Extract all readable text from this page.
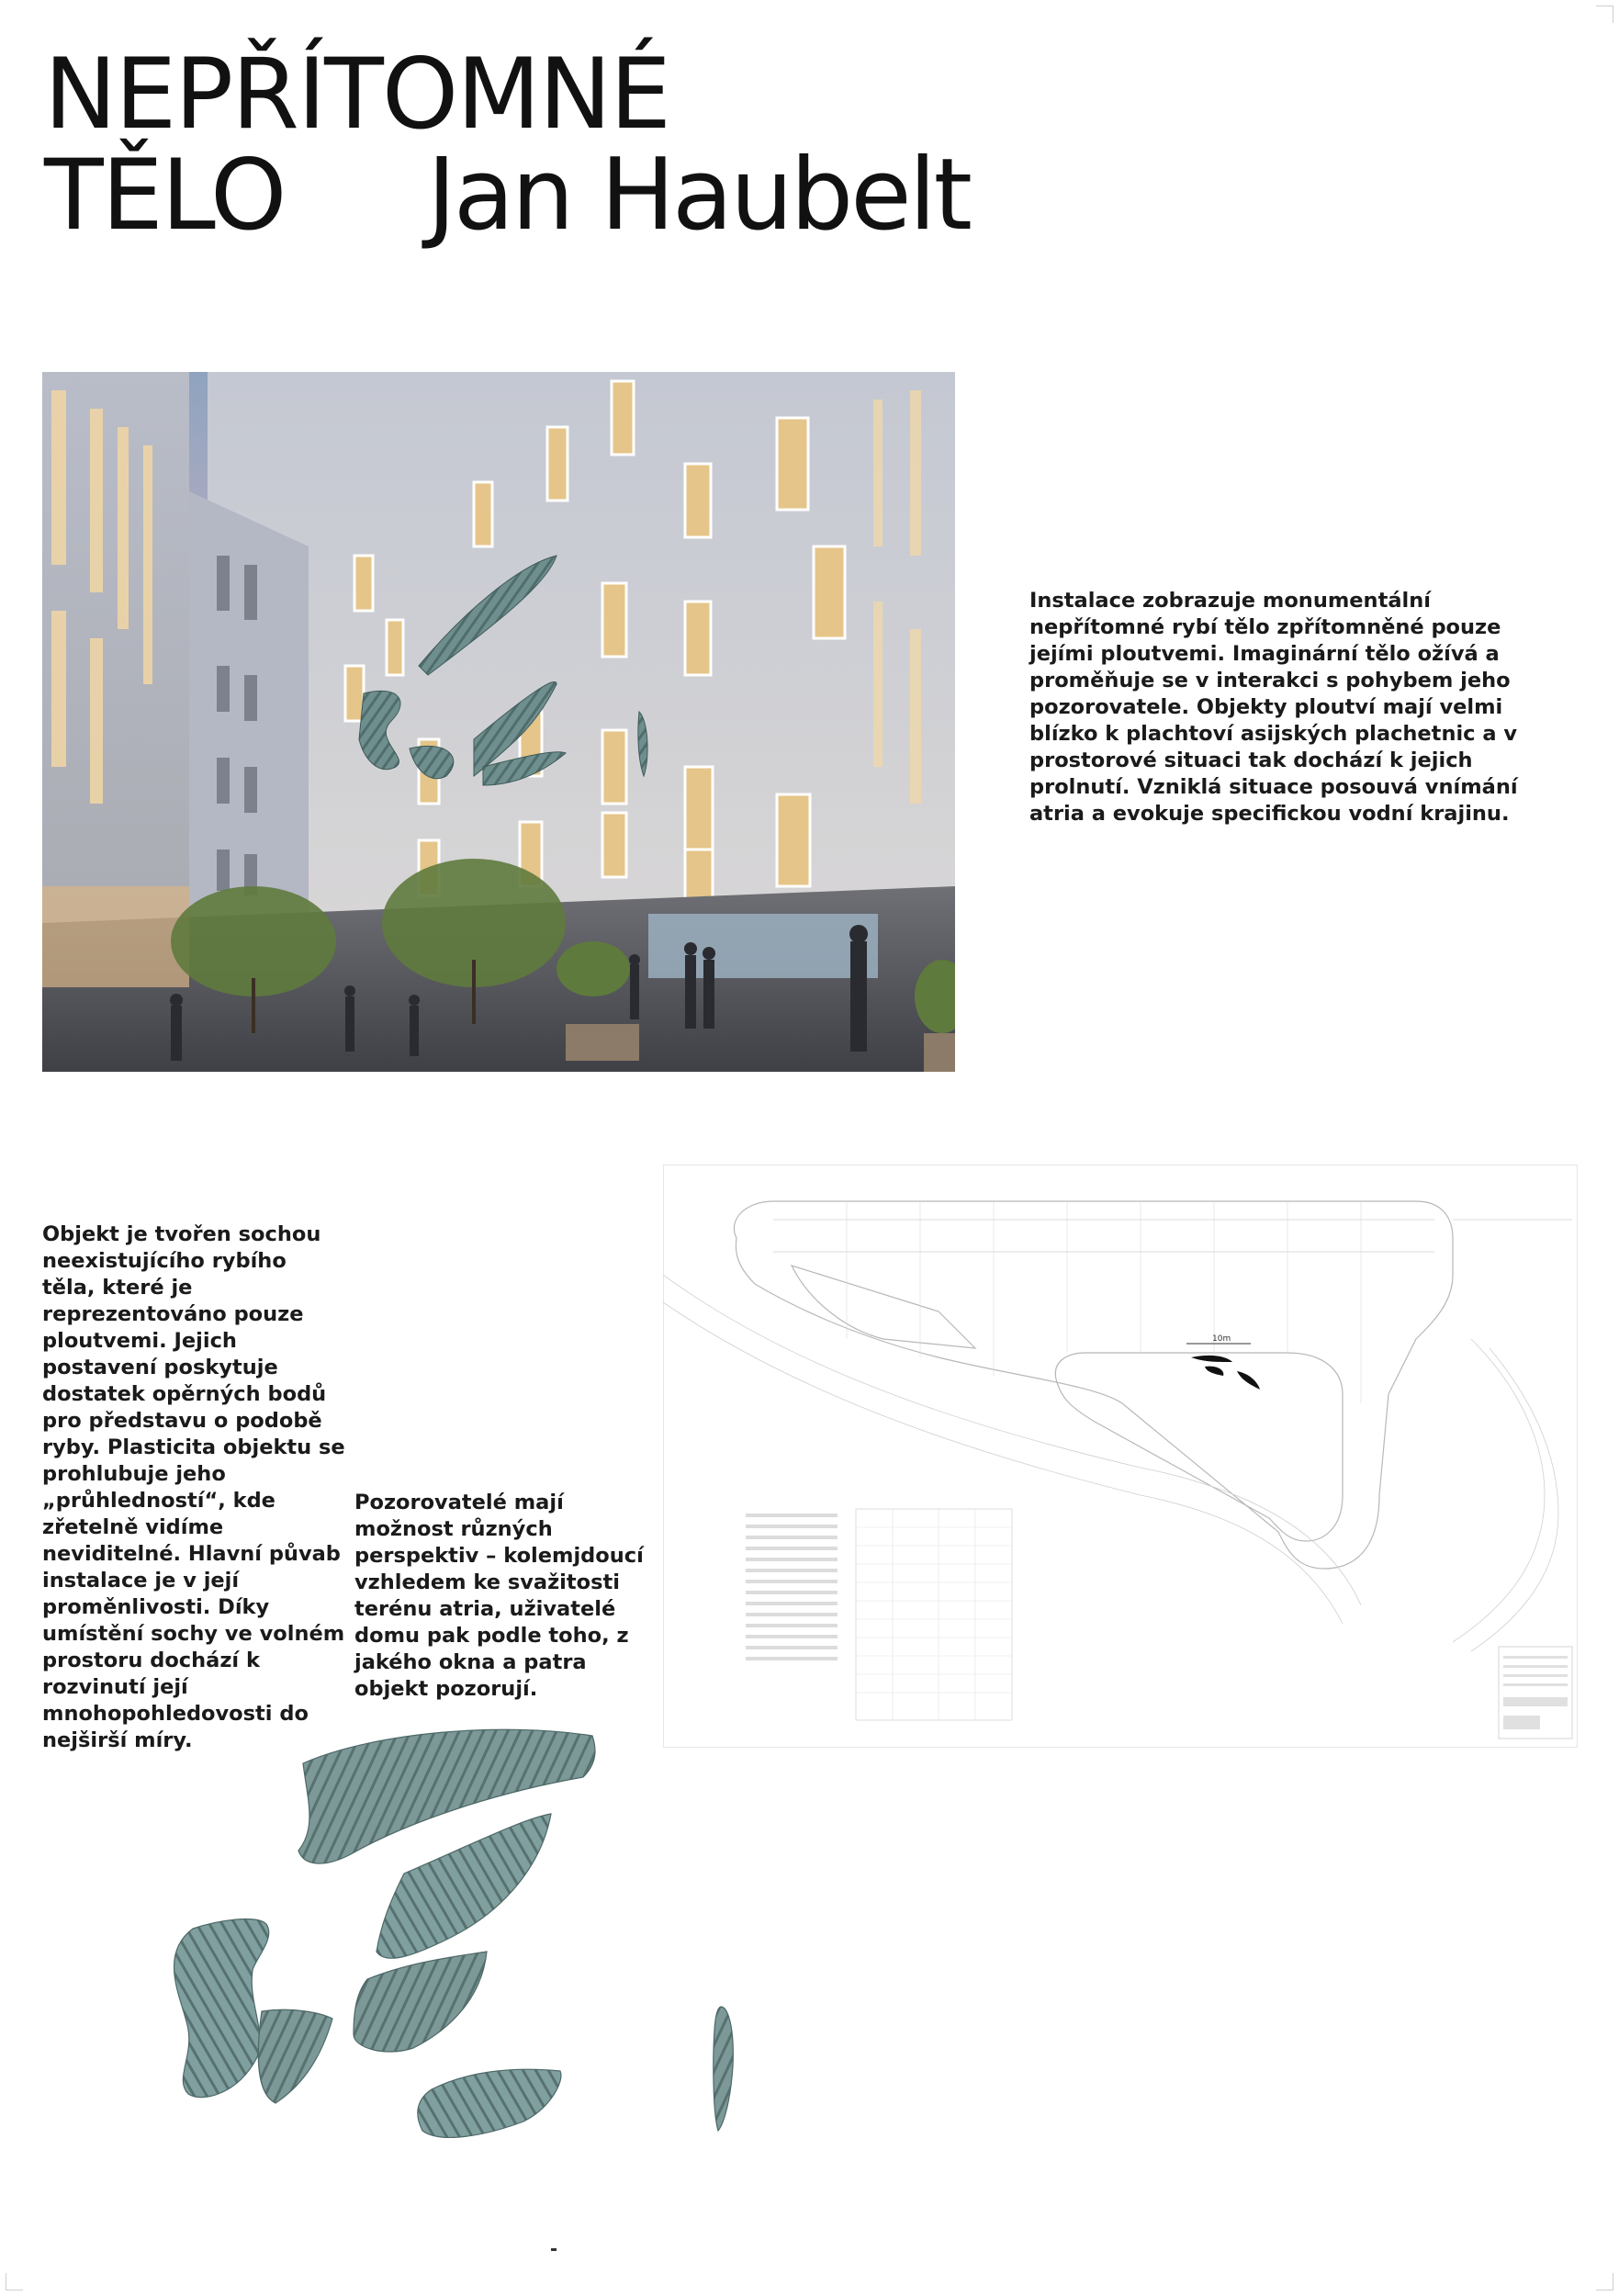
NEPŘÍTOMNÉ
TĚLO	Jan Haubelt

Instalace zobrazuje monumentální nepřítomné rybí tělo zpřítomněné pouze jejími ploutvemi. Imaginární tělo ožívá a proměňuje se v interakci s pohybem jeho pozorovatele. Objekty ploutví mají velmi blízko k plachtoví asijských plachetnic a v prostorové situaci tak dochází k jejich prolnutí. Vzniklá situace posouvá vnímání atria a evokuje specifickou vodní krajinu.

Objekt je tvořen sochou neexistujícího rybího těla, které je reprezentováno pouze ploutvemi. Jejich postavení poskytuje dostatek opěrných bodů pro představu o podobě ryby. Plasticita objektu se prohlubuje jeho „průhledností“, kde zřetelně vidíme neviditelné. Hlavní půvab instalace je v její proměnlivosti. Díky umístění sochy ve volném prostoru dochází k rozvinutí její mnohopohledovosti do nejširší míry.

Pozorovatelé mají možnost různých perspektiv – kolemjdoucí vzhledem ke svažitosti terénu atria, uživatelé domu pak podle toho, z jakého okna a patra objekt pozorují.

10m
